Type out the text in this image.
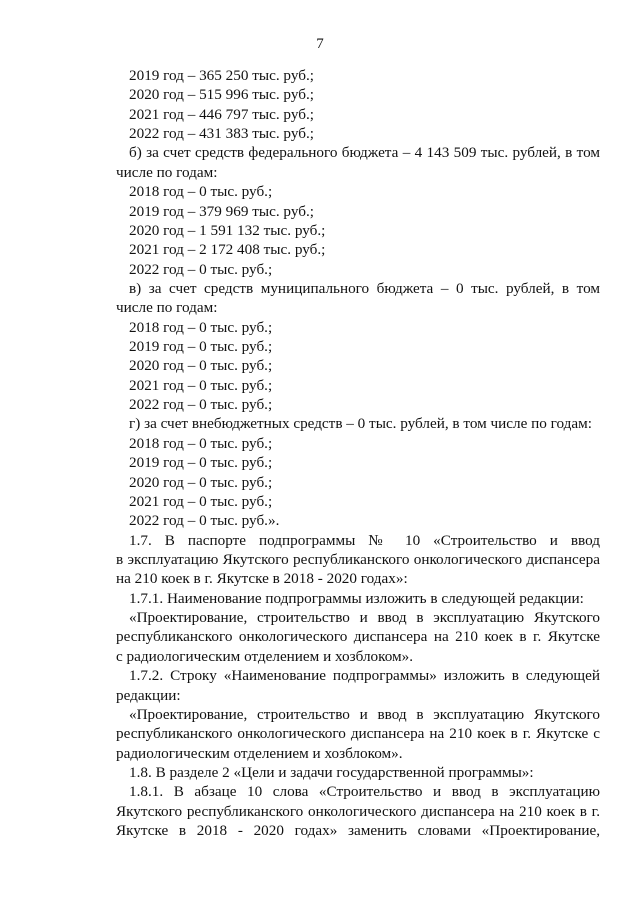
7
2019 год – 365 250 тыс. руб.;
2020 год – 515 996 тыс. руб.;
2021 год – 446 797 тыс. руб.;
2022 год – 431 383 тыс. руб.;
б) за счет средств федерального бюджета – 4 143 509 тыс. рублей, в том
числе по годам:
2018 год – 0 тыс. руб.;
2019 год – 379 969 тыс. руб.;
2020 год – 1 591 132 тыс. руб.;
2021 год – 2 172 408 тыс. руб.;
2022 год – 0 тыс. руб.;
в) за счет средств муниципального бюджета – 0 тыс. рублей, в том
числе по годам:
2018 год – 0 тыс. руб.;
2019 год – 0 тыс. руб.;
2020 год – 0 тыс. руб.;
2021 год – 0 тыс. руб.;
2022 год – 0 тыс. руб.;
г) за счет внебюджетных средств – 0 тыс. рублей, в том числе по годам:
2018 год – 0 тыс. руб.;
2019 год – 0 тыс. руб.;
2020 год – 0 тыс. руб.;
2021 год – 0 тыс. руб.;
2022 год – 0 тыс. руб.».
1.7. В паспорте подпрограммы № 10 «Строительство и ввод
в эксплуатацию Якутского республиканского онкологического диспансера
на 210 коек в г. Якутске в 2018 - 2020 годах»:
1.7.1. Наименование подпрограммы изложить в следующей редакции:
«Проектирование, строительство и ввод в эксплуатацию Якутского
республиканского онкологического диспансера на 210 коек в г. Якутске
с радиологическим отделением и хозблоком».
1.7.2. Строку «Наименование подпрограммы» изложить в следующей
редакции:
«Проектирование, строительство и ввод в эксплуатацию Якутского
республиканского онкологического диспансера на 210 коек в г. Якутске с
радиологическим отделением и хозблоком».
1.8. В разделе 2 «Цели и задачи государственной программы»:
1.8.1. В абзаце 10 слова «Строительство и ввод в эксплуатацию
Якутского республиканского онкологического диспансера на 210 коек в г.
Якутске в 2018 - 2020 годах» заменить словами «Проектирование,
